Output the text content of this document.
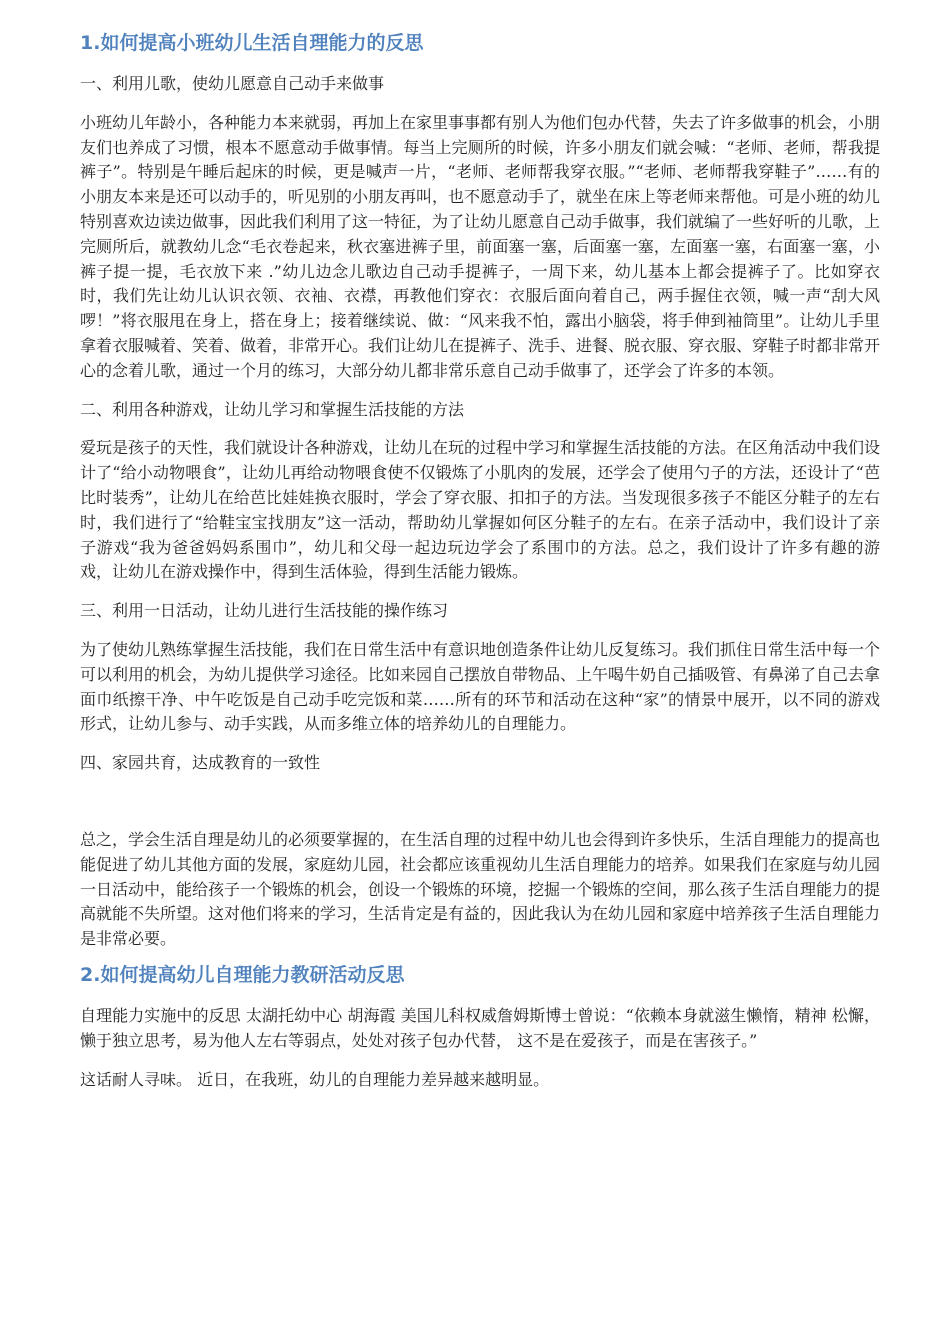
1.如何提高小班幼儿生活自理能力的反思

一、利用儿歌，使幼儿愿意自己动手来做事

小班幼儿年龄小，各种能力本来就弱，再加上在家里事事都有别人为他们包办代替，失去了许多做事的机会，小朋友们也养成了习惯，根本不愿意动手做事情。每当上完厕所的时候，许多小朋友们就会喊：“老师、老师，帮我提裤子”。特别是午睡后起床的时候，更是喊声一片，“老师、老师帮我穿衣服。”“老师、老师帮我穿鞋子”……有的小朋友本来是还可以动手的，听见别的小朋友再叫，也不愿意动手了，就坐在床上等老师来帮他。可是小班的幼儿特别喜欢边读边做事，因此我们利用了这一特征，为了让幼儿愿意自己动手做事，我们就编了一些好听的儿歌，上完厕所后，就教幼儿念“毛衣卷起来，秋衣塞进裤子里，前面塞一塞，后面塞一塞，左面塞一塞，右面塞一塞，小裤子提一提，毛衣放下来 .”幼儿边念儿歌边自己动手提裤子，一周下来，幼儿基本上都会提裤子了。比如穿衣时，我们先让幼儿认识衣领、衣袖、衣襟，再教他们穿衣：衣服后面向着自己，两手握住衣领，喊一声“刮大风啰！”将衣服甩在身上，搭在身上；接着继续说、做：“风来我不怕，露出小脑袋，将手伸到袖筒里”。让幼儿手里拿着衣服喊着、笑着、做着，非常开心。我们让幼儿在提裤子、洗手、进餐、脱衣服、穿衣服、穿鞋子时都非常开心的念着儿歌，通过一个月的练习，大部分幼儿都非常乐意自己动手做事了，还学会了许多的本领。

二、利用各种游戏，让幼儿学习和掌握生活技能的方法

爱玩是孩子的天性，我们就设计各种游戏，让幼儿在玩的过程中学习和掌握生活技能的方法。在区角活动中我们设计了“给小动物喂食”，让幼儿再给动物喂食使不仅锻炼了小肌肉的发展，还学会了使用勺子的方法，还设计了“芭比时装秀”，让幼儿在给芭比娃娃换衣服时，学会了穿衣服、扣扣子的方法。当发现很多孩子不能区分鞋子的左右时，我们进行了“给鞋宝宝找朋友”这一活动，帮助幼儿掌握如何区分鞋子的左右。在亲子活动中，我们设计了亲子游戏“我为爸爸妈妈系围巾”，幼儿和父母一起边玩边学会了系围巾的方法。总之，我们设计了许多有趣的游戏，让幼儿在游戏操作中，得到生活体验，得到生活能力锻炼。

三、利用一日活动，让幼儿进行生活技能的操作练习

为了使幼儿熟练掌握生活技能，我们在日常生活中有意识地创造条件让幼儿反复练习。我们抓住日常生活中每一个可以利用的机会，为幼儿提供学习途径。比如来园自己摆放自带物品、上午喝牛奶自己插吸管、有鼻涕了自己去拿面巾纸擦干净、中午吃饭是自己动手吃完饭和菜……所有的环节和活动在这种“家”的情景中展开，以不同的游戏形式，让幼儿参与、动手实践，从而多维立体的培养幼儿的自理能力。

四、家园共育，达成教育的一致性

总之，学会生活自理是幼儿的必须要掌握的，在生活自理的过程中幼儿也会得到许多快乐，生活自理能力的提高也能促进了幼儿其他方面的发展，家庭幼儿园，社会都应该重视幼儿生活自理能力的培养。如果我们在家庭与幼儿园一日活动中，能给孩子一个锻炼的机会，创设一个锻炼的环境，挖掘一个锻炼的空间，那么孩子生活自理能力的提高就能不失所望。这对他们将来的学习，生活肯定是有益的，因此我认为在幼儿园和家庭中培养孩子生活自理能力是非常必要。

2.如何提高幼儿自理能力教研活动反思

自理能力实施中的反思 太湖托幼中心 胡海霞 美国儿科权威詹姆斯博士曾说：“依赖本身就滋生懒惰，精神 松懈，懒于独立思考，易为他人左右等弱点，处处对孩子包办代替， 这不是在爱孩子，而是在害孩子。”

这话耐人寻味。 近日，在我班，幼儿的自理能力差异越来越明显。
